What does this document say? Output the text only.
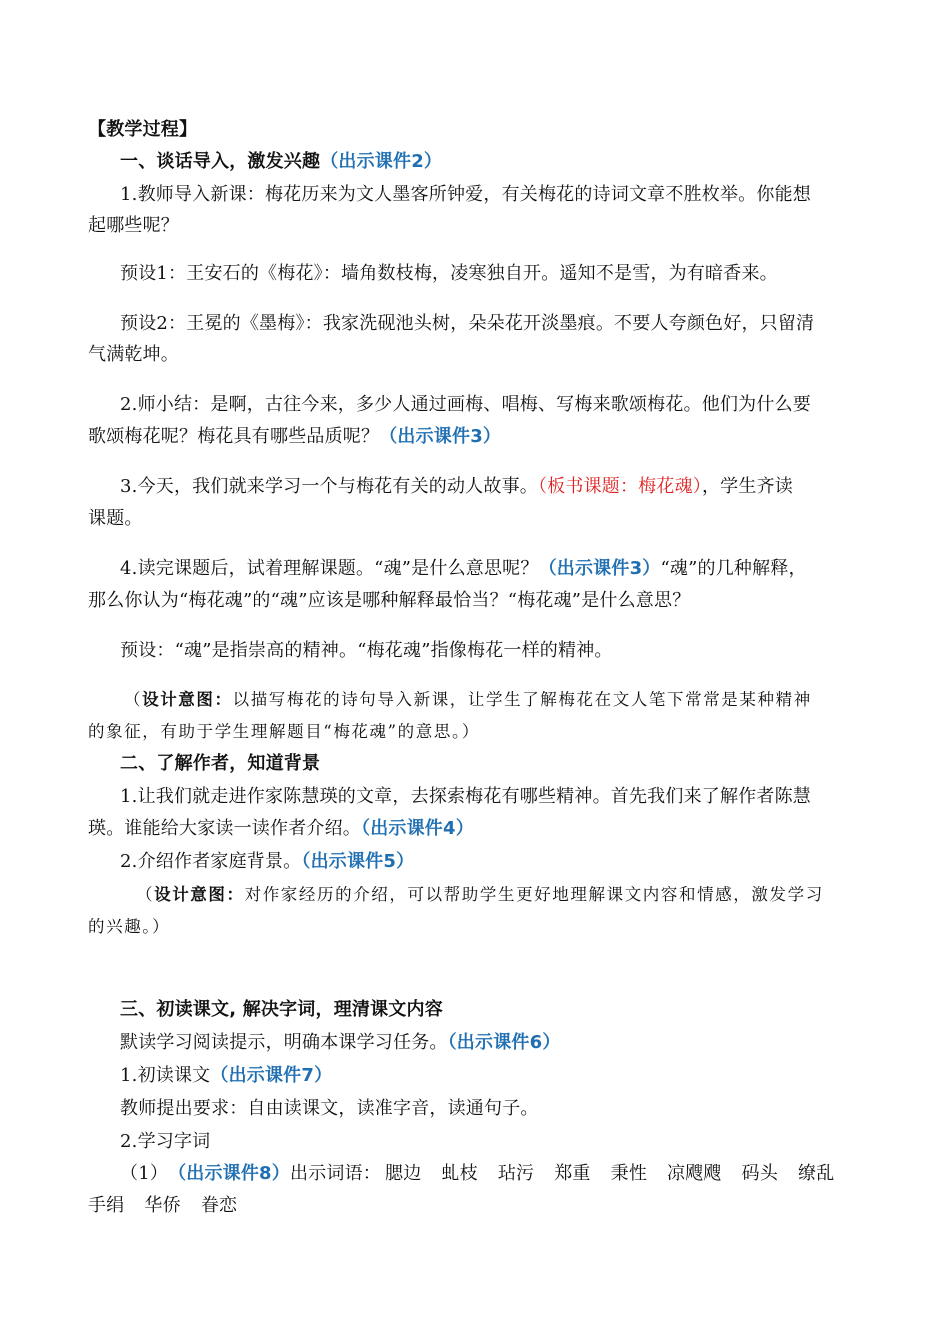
【教学过程】
一、谈话导入，激发兴趣（出示课件2）
1.教师导入新课：梅花历来为文人墨客所钟爱，有关梅花的诗词文章不胜枚举。你能想
起哪些呢？
预设1：王安石的《梅花》：墙角数枝梅，凌寒独自开。遥知不是雪，为有暗香来。
预设2：王冕的《墨梅》：我家洗砚池头树，朵朵花开淡墨痕。不要人夸颜色好，只留清
气满乾坤。
2.师小结：是啊，古往今来，多少人通过画梅、唱梅、写梅来歌颂梅花。他们为什么要
歌颂梅花呢？梅花具有哪些品质呢？（出示课件3）
3.今天，我们就来学习一个与梅花有关的动人故事。（板书课题：梅花魂），学生齐读
课题。
4.读完课题后，试着理解课题。“魂”是什么意思呢？（出示课件3）“魂”的几种解释，
那么你认为“梅花魂”的“魂”应该是哪种解释最恰当？“梅花魂”是什么意思？
预设：“魂”是指崇高的精神。“梅花魂”指像梅花一样的精神。
（设计意图：以描写梅花的诗句导入新课，让学生了解梅花在文人笔下常常是某种精神
的象征，有助于学生理解题目“梅花魂”的意思。）
二、了解作者，知道背景
1.让我们就走进作家陈慧瑛的文章，去探索梅花有哪些精神。首先我们来了解作者陈慧
瑛。谁能给大家读一读作者介绍。（出示课件4）
2.介绍作者家庭背景。（出示课件5）
（设计意图：对作家经历的介绍，可以帮助学生更好地理解课文内容和情感，激发学习
的兴趣。）
三、初读课文, 解决字词，理清课文内容
默读学习阅读提示，明确本课学习任务。（出示课件6）
1.初读课文（出示课件7）
教师提出要求：自由读课文，读准字音，读通句子。
2.学习字词
（1）（出示课件8）出示词语： 腮边 虬枝 玷污 郑重 秉性 凉飕飕 码头 缭乱
手绢 华侨 眷恋
